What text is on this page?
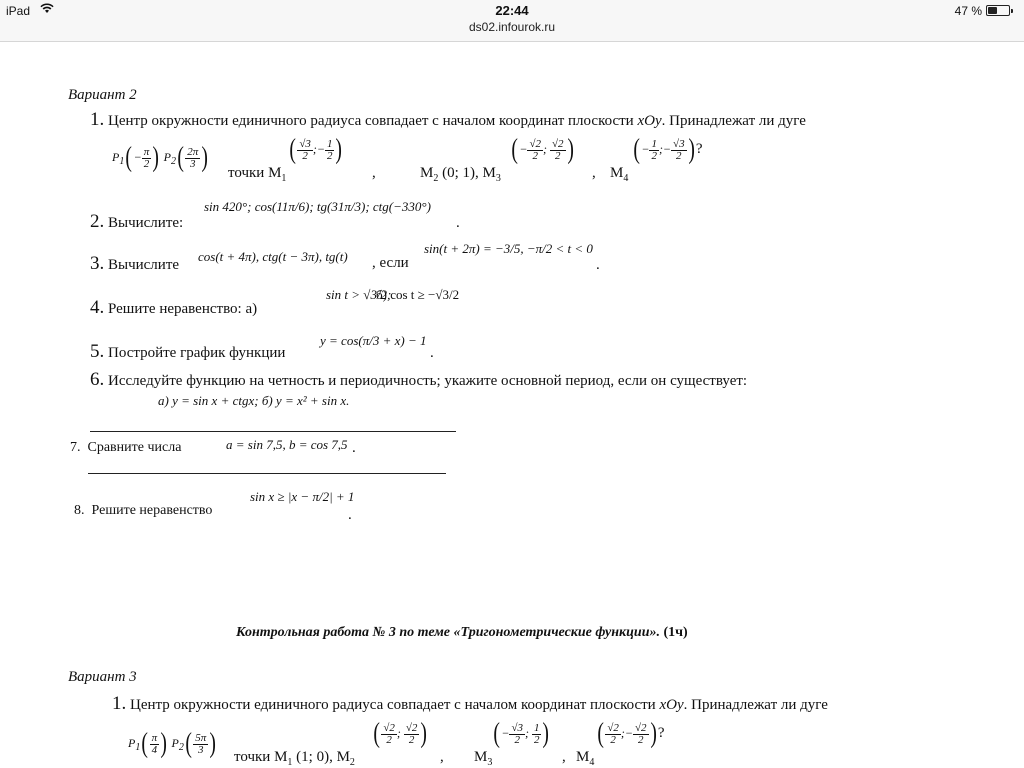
iPad	22:44
ds02.infourok.ru
47 %
Вариант 2
1. Центр окружности единичного радиуса совпадает с началом координат плоскости xOy. Принадлежат ли дуге
$P_1(- \frac{\pi}{2}$ ) $P_2( \frac{2\pi}{3}$ ) точки $M_1$
( $\frac{√3}{2}$ ;− $\frac{1}{2}$ )
,	$M_2$ (0; 1), $M_3$
(− $\frac{√2}{2}$ ; $\frac{√2}{2}$ )
, $M_4$
(− $\frac{1}{2}$ ;− $\frac{√3}{2}$ )?
2. Вычислите:
sin 420°; cos(11π/6); tg(31π/3); ctg(−330°)
.
3. Вычислите
cos(t + 4π), ctg(t − 3π), tg(t) , если
sin(t + 2π) = −3/5, −π/2 < t < 0
.
4. Решите неравенство: а)
sin t > √3/2;
б) cos t ≥ −√3/2
5. Постройте график функции
y = cos(π/3 + x) − 1
.
6. Исследуйте функцию на четность и периодичность; укажите основной период, если он существует:
а) y = sin x + ctgx; б) y = x² + sin x.
7. Сравните числа	a = sin 7,5, b = cos 7,5 .
8. Решите неравенство
sin x ≥ |x − π/2| + 1
.
Контрольная работа № 3 по теме «Тригонометрические функции». (1ч)
Вариант 3
1. Центр окружности единичного радиуса совпадает с началом координат плоскости xOy. Принадлежат ли дуге
$P_1( \frac{\pi}{4}$ ) $P_2( \frac{5\pi}{3}$ ) точки $M_1$ (1; 0), $M_2$
( $\frac{√2}{2}$ ; $\frac{√2}{2}$ )
, $M_3$
(− $\frac{√3}{2}$ ; $\frac{1}{2}$ )
, $M_4$
( $\frac{√2}{2}$ ;− $\frac{√2}{2}$ )?
